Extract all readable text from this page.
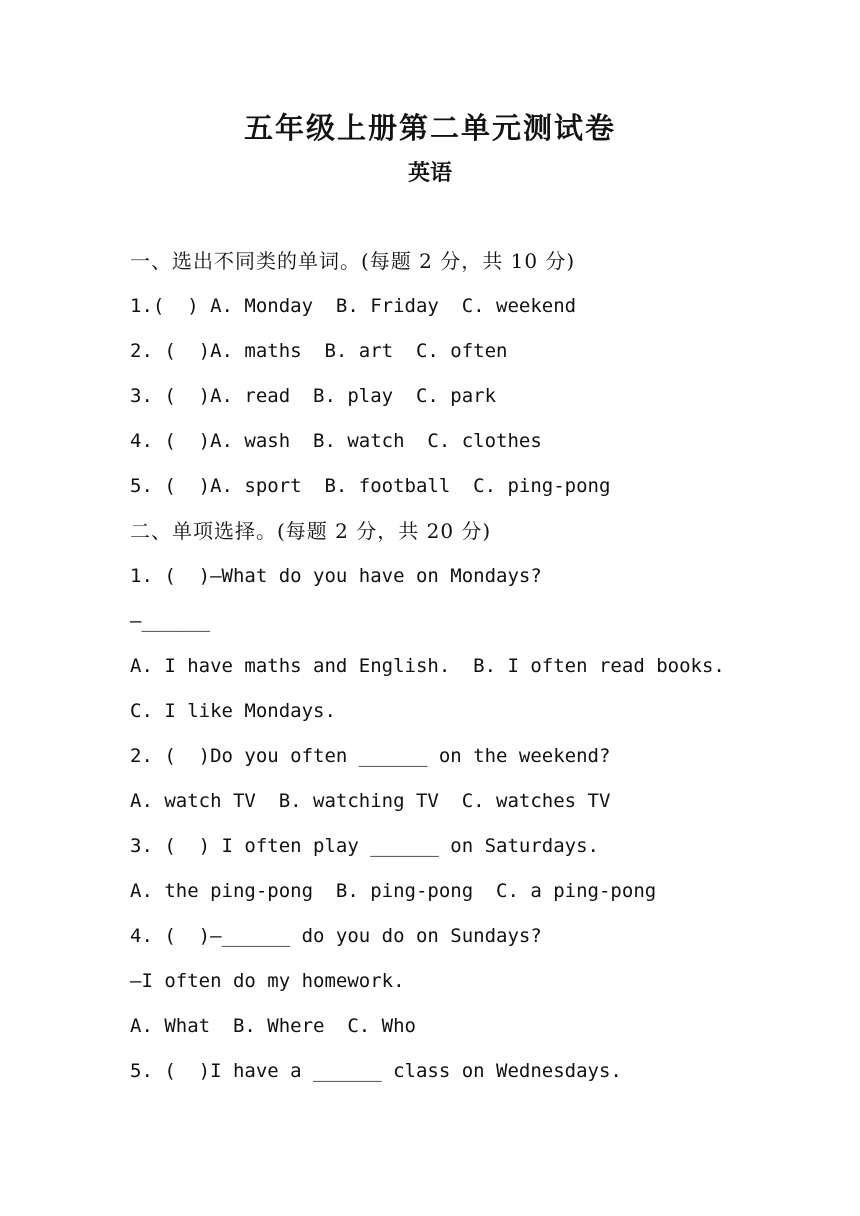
五年级上册第二单元测试卷
英语
一、选出不同类的单词。(每题 2 分，共 10 分)
1.(  ) A. Monday  B. Friday  C. weekend
2. (  )A. maths  B. art  C. often
3. (  )A. read  B. play  C. park
4. (  )A. wash  B. watch  C. clothes
5. (  )A. sport  B. football  C. ping-pong
二、单项选择。(每题 2 分，共 20 分)
1. (  )—What do you have on Mondays?
—______
A. I have maths and English.  B. I often read books.
C. I like Mondays.
2. (  )Do you often ______ on the weekend?
A. watch TV  B. watching TV  C. watches TV
3. (  ) I often play ______ on Saturdays.
A. the ping-pong  B. ping-pong  C. a ping-pong
4. (  )—______ do you do on Sundays?
—I often do my homework.
A. What  B. Where  C. Who
5. (  )I have a ______ class on Wednesdays.
